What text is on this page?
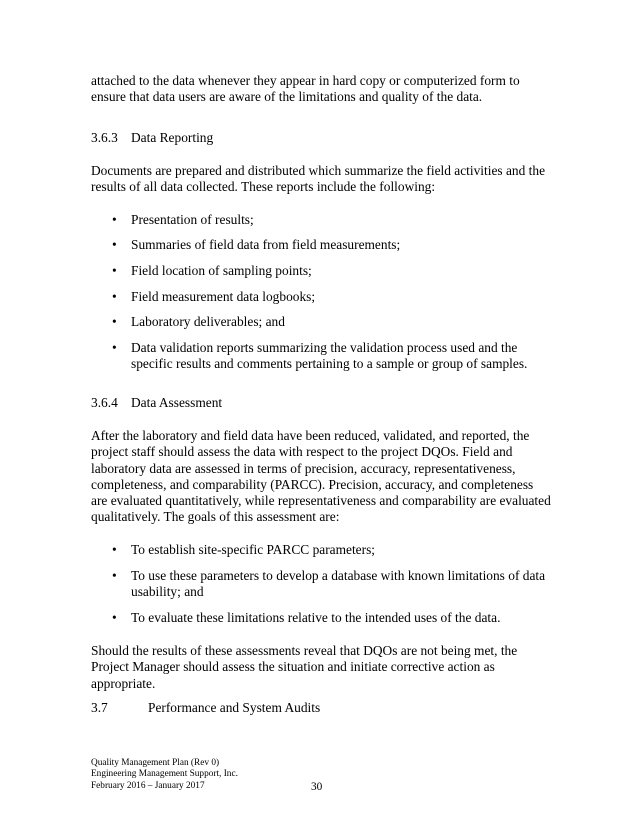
attached to the data whenever they appear in hard copy or computerized form to ensure that data users are aware of the limitations and quality of the data.
3.6.3 Data Reporting
Documents are prepared and distributed which summarize the field activities and the results of all data collected. These reports include the following:
•	Presentation of results;
•	Summaries of field data from field measurements;
•	Field location of sampling points;
•	Field measurement data logbooks;
•	Laboratory deliverables; and
•	Data validation reports summarizing the validation process used and the specific results and comments pertaining to a sample or group of samples.
3.6.4 Data Assessment
After the laboratory and field data have been reduced, validated, and reported, the project staff should assess the data with respect to the project DQOs. Field and laboratory data are assessed in terms of precision, accuracy, representativeness, completeness, and comparability (PARCC). Precision, accuracy, and completeness are evaluated quantitatively, while representativeness and comparability are evaluated qualitatively. The goals of this assessment are:
•	To establish site-specific PARCC parameters;
•	To use these parameters to develop a database with known limitations of data usability; and
•	To evaluate these limitations relative to the intended uses of the data.
Should the results of these assessments reveal that DQOs are not being met, the Project Manager should assess the situation and initiate corrective action as appropriate.
3.7	Performance and System Audits
Quality Management Plan (Rev 0)
Engineering Management Support, Inc.
February 2016 – January 2017	30
